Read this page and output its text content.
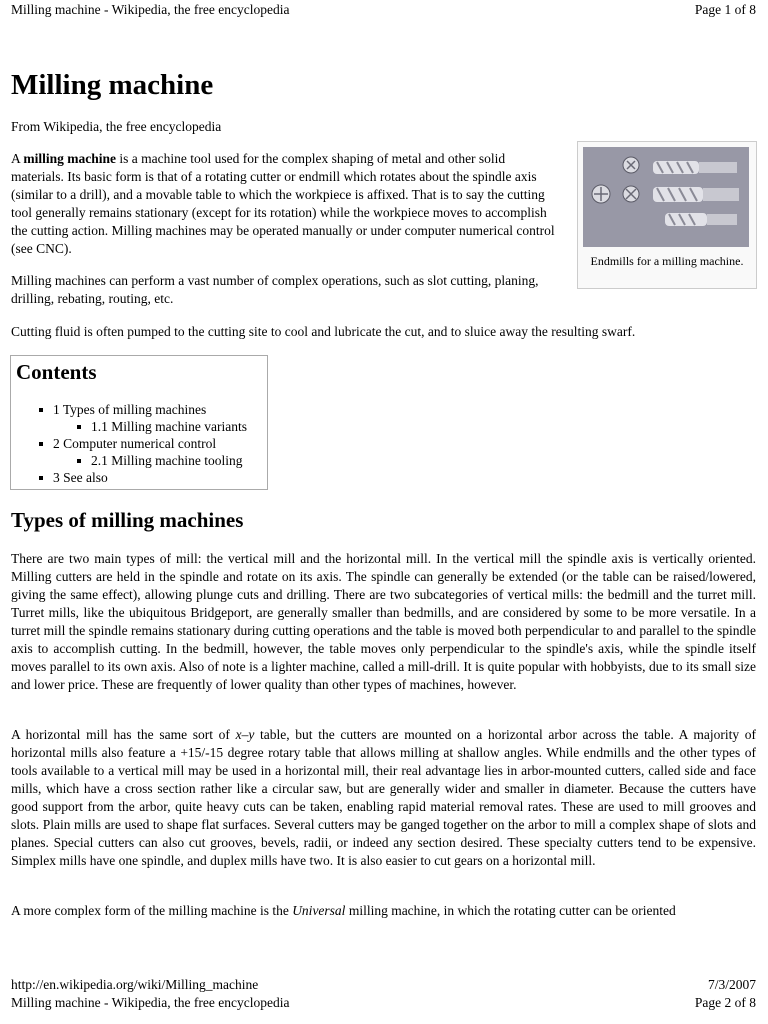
Milling machine - Wikipedia, the free encyclopedia	Page 1 of 8
Milling machine
From Wikipedia, the free encyclopedia

A milling machine is a machine tool used for the complex shaping of metal and other solid materials. Its basic form is that of a rotating cutter or endmill which rotates about the spindle axis (similar to a drill), and a movable table to which the workpiece is affixed. That is to say the cutting tool generally remains stationary (except for its rotation) while the workpiece moves to accomplish the cutting action. Milling machines may be operated manually or under computer numerical control (see CNC).

Milling machines can perform a vast number of complex operations, such as slot cutting, planing, drilling, rebating, routing, etc.

Cutting fluid is often pumped to the cutting site to cool and lubricate the cut, and to sluice away the resulting swarf.

Endmills for a milling machine.
Contents
1 Types of milling machines
1.1 Milling machine variants
2 Computer numerical control
2.1 Milling machine tooling
3 See also
Types of milling machines

There are two main types of mill: the vertical mill and the horizontal mill. In the vertical mill the spindle axis is vertically oriented. Milling cutters are held in the spindle and rotate on its axis. The spindle can generally be extended (or the table can be raised/lowered, giving the same effect), allowing plunge cuts and drilling. There are two subcategories of vertical mills: the bedmill and the turret mill. Turret mills, like the ubiquitous Bridgeport, are generally smaller than bedmills, and are considered by some to be more versatile. In a turret mill the spindle remains stationary during cutting operations and the table is moved both perpendicular to and parallel to the spindle axis to accomplish cutting. In the bedmill, however, the table moves only perpendicular to the spindle's axis, while the spindle itself moves parallel to its own axis. Also of note is a lighter machine, called a mill-drill. It is quite popular with hobbyists, due to its small size and lower price. These are frequently of lower quality than other types of machines, however.

A horizontal mill has the same sort of x–y table, but the cutters are mounted on a horizontal arbor across the table. A majority of horizontal mills also feature a +15/-15 degree rotary table that allows milling at shallow angles. While endmills and the other types of tools available to a vertical mill may be used in a horizontal mill, their real advantage lies in arbor-mounted cutters, called side and face mills, which have a cross section rather like a circular saw, but are generally wider and smaller in diameter. Because the cutters have good support from the arbor, quite heavy cuts can be taken, enabling rapid material removal rates. These are used to mill grooves and slots. Plain mills are used to shape flat surfaces. Several cutters may be ganged together on the arbor to mill a complex shape of slots and planes. Special cutters can also cut grooves, bevels, radii, or indeed any section desired. These specialty cutters tend to be expensive. Simplex mills have one spindle, and duplex mills have two. It is also easier to cut gears on a horizontal mill.

A more complex form of the milling machine is the Universal milling machine, in which the rotating cutter can be oriented

http://en.wikipedia.org/wiki/Milling_machine	7/3/2007
Milling machine - Wikipedia, the free encyclopedia	Page 2 of 8
